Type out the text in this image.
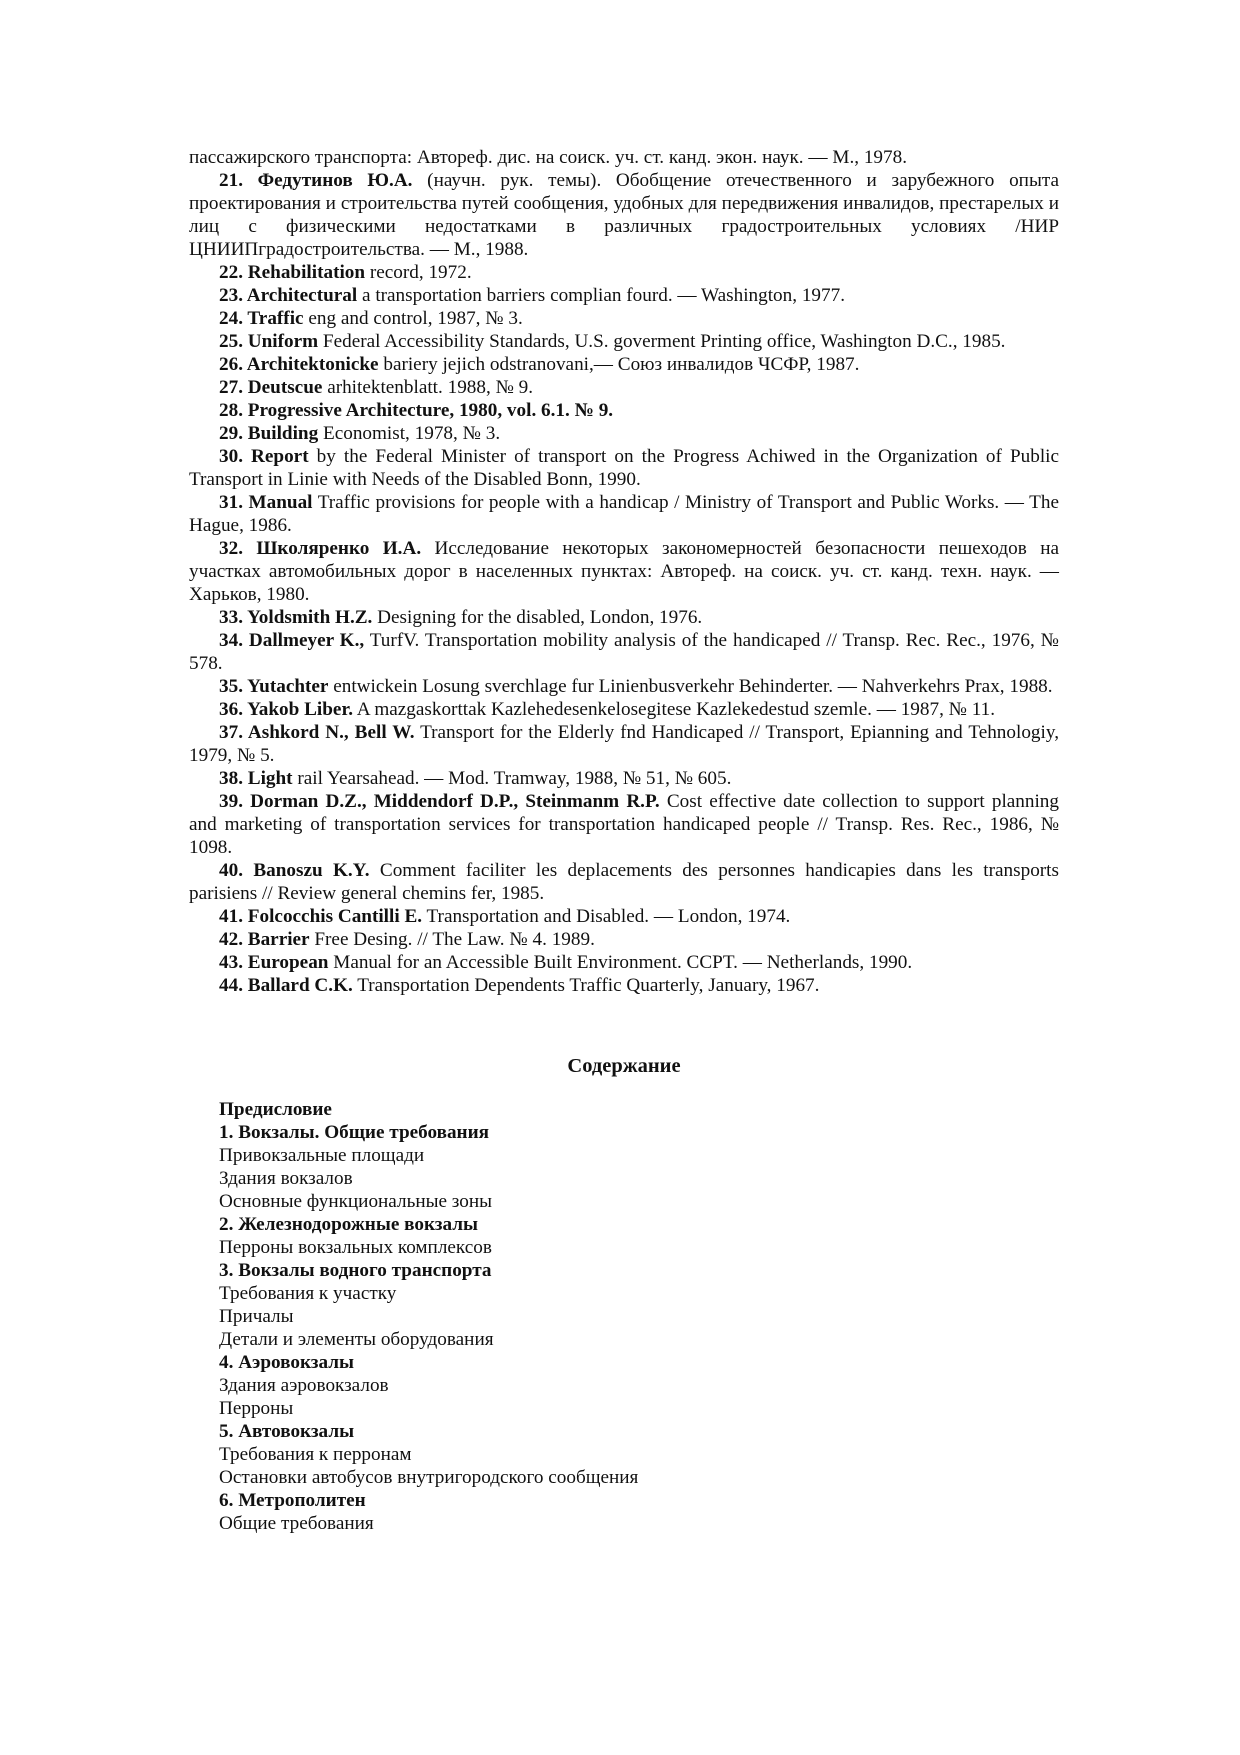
пассажирского транспорта: Автореф. дис. на соиск. уч. ст. канд. экон. наук. — М., 1978.

21. Федутинов Ю.А. (научн. рук. темы). Обобщение отечественного и зарубежного опыта проектирования и строительства путей сообщения, удобных для передвижения инвалидов, престарелых и лиц с физическими недостатками в различных градостроительных условиях /НИР ЦНИИПградостроительства. — М., 1988.

22. Rehabilitation record, 1972.

23. Architectural a transportation barriers complian fourd. — Washington, 1977.

24. Traffic eng and control, 1987, № 3.

25. Uniform Federal Accessibility Standards, U.S. goverment Printing office, Washington D.C., 1985.

26. Architektonicke bariery jejich odstranovani,— Союз инвалидов ЧСФР, 1987.

27. Deutscue arhitektenblatt. 1988, № 9.

28. Progressive Architecture, 1980, vol. 6.1. № 9.

29. Building Economist, 1978, № 3.

30. Report by the Federal Minister of transport on the Progress Achiwed in the Organization of Public Transport in Linie with Needs of the Disabled Bonn, 1990.

31. Manual Traffic provisions for people with a handicap / Ministry of Transport and Public Works. — The Hague, 1986.

32. Школяренко И.А. Исследование некоторых закономерностей безопасности пешеходов на участках автомобильных дорог в населенных пунктах: Автореф. на соиск. уч. ст. канд. техн. наук. — Харьков, 1980.

33. Yoldsmith H.Z. Designing for the disabled, London, 1976.

34. Dallmeyer K., TurfV. Transportation mobility analysis of the handicaped // Transp. Rec. Rec., 1976, № 578.

35. Yutachter entwickein Losung sverchlage fur Linienbusverkehr Behinderter. — Nahverkehrs Prax, 1988.

36. Yakob Liber. A mazgaskorttak Kazlehedesenkelosegitese Kazlekedestud szemle. — 1987, № 11.

37. Ashkord N., Bell W. Transport for the Elderly fnd Handicaped // Transport, Epianning and Tehnologiy, 1979, № 5.

38. Light rail Yearsahead. — Mod. Tramway, 1988, № 51, № 605.

39. Dorman D.Z., Middendorf D.P., Steinmanm R.P. Cost effective date collection to support planning and marketing of transportation services for transportation handicaped people // Transp. Res. Rec., 1986, № 1098.

40. Banoszu K.Y. Comment faciliter les deplacements des personnes handicapies dans les transports parisiens // Review general chemins fer, 1985.

41. Folcocchis Cantilli E. Transportation and Disabled. — London, 1974.

42. Barrier Free Desing. // The Law. № 4. 1989.

43. European Manual for an Accessible Built Environment. CCPT. — Netherlands, 1990.

44. Ballard C.K. Transportation Dependents Traffic Quarterly, January, 1967.

Содержание
Предисловие
1. Вокзалы. Общие требования
Привокзальные площади
Здания вокзалов
Основные функциональные зоны
2. Железнодорожные вокзалы
Перроны вокзальных комплексов
3. Вокзалы водного транспорта
Требования к участку
Причалы
Детали и элементы оборудования
4. Аэровокзалы
Здания аэровокзалов
Перроны
5. Автовокзалы
Требования к перронам
Остановки автобусов внутригородского сообщения
6. Метрополитен
Общие требования
